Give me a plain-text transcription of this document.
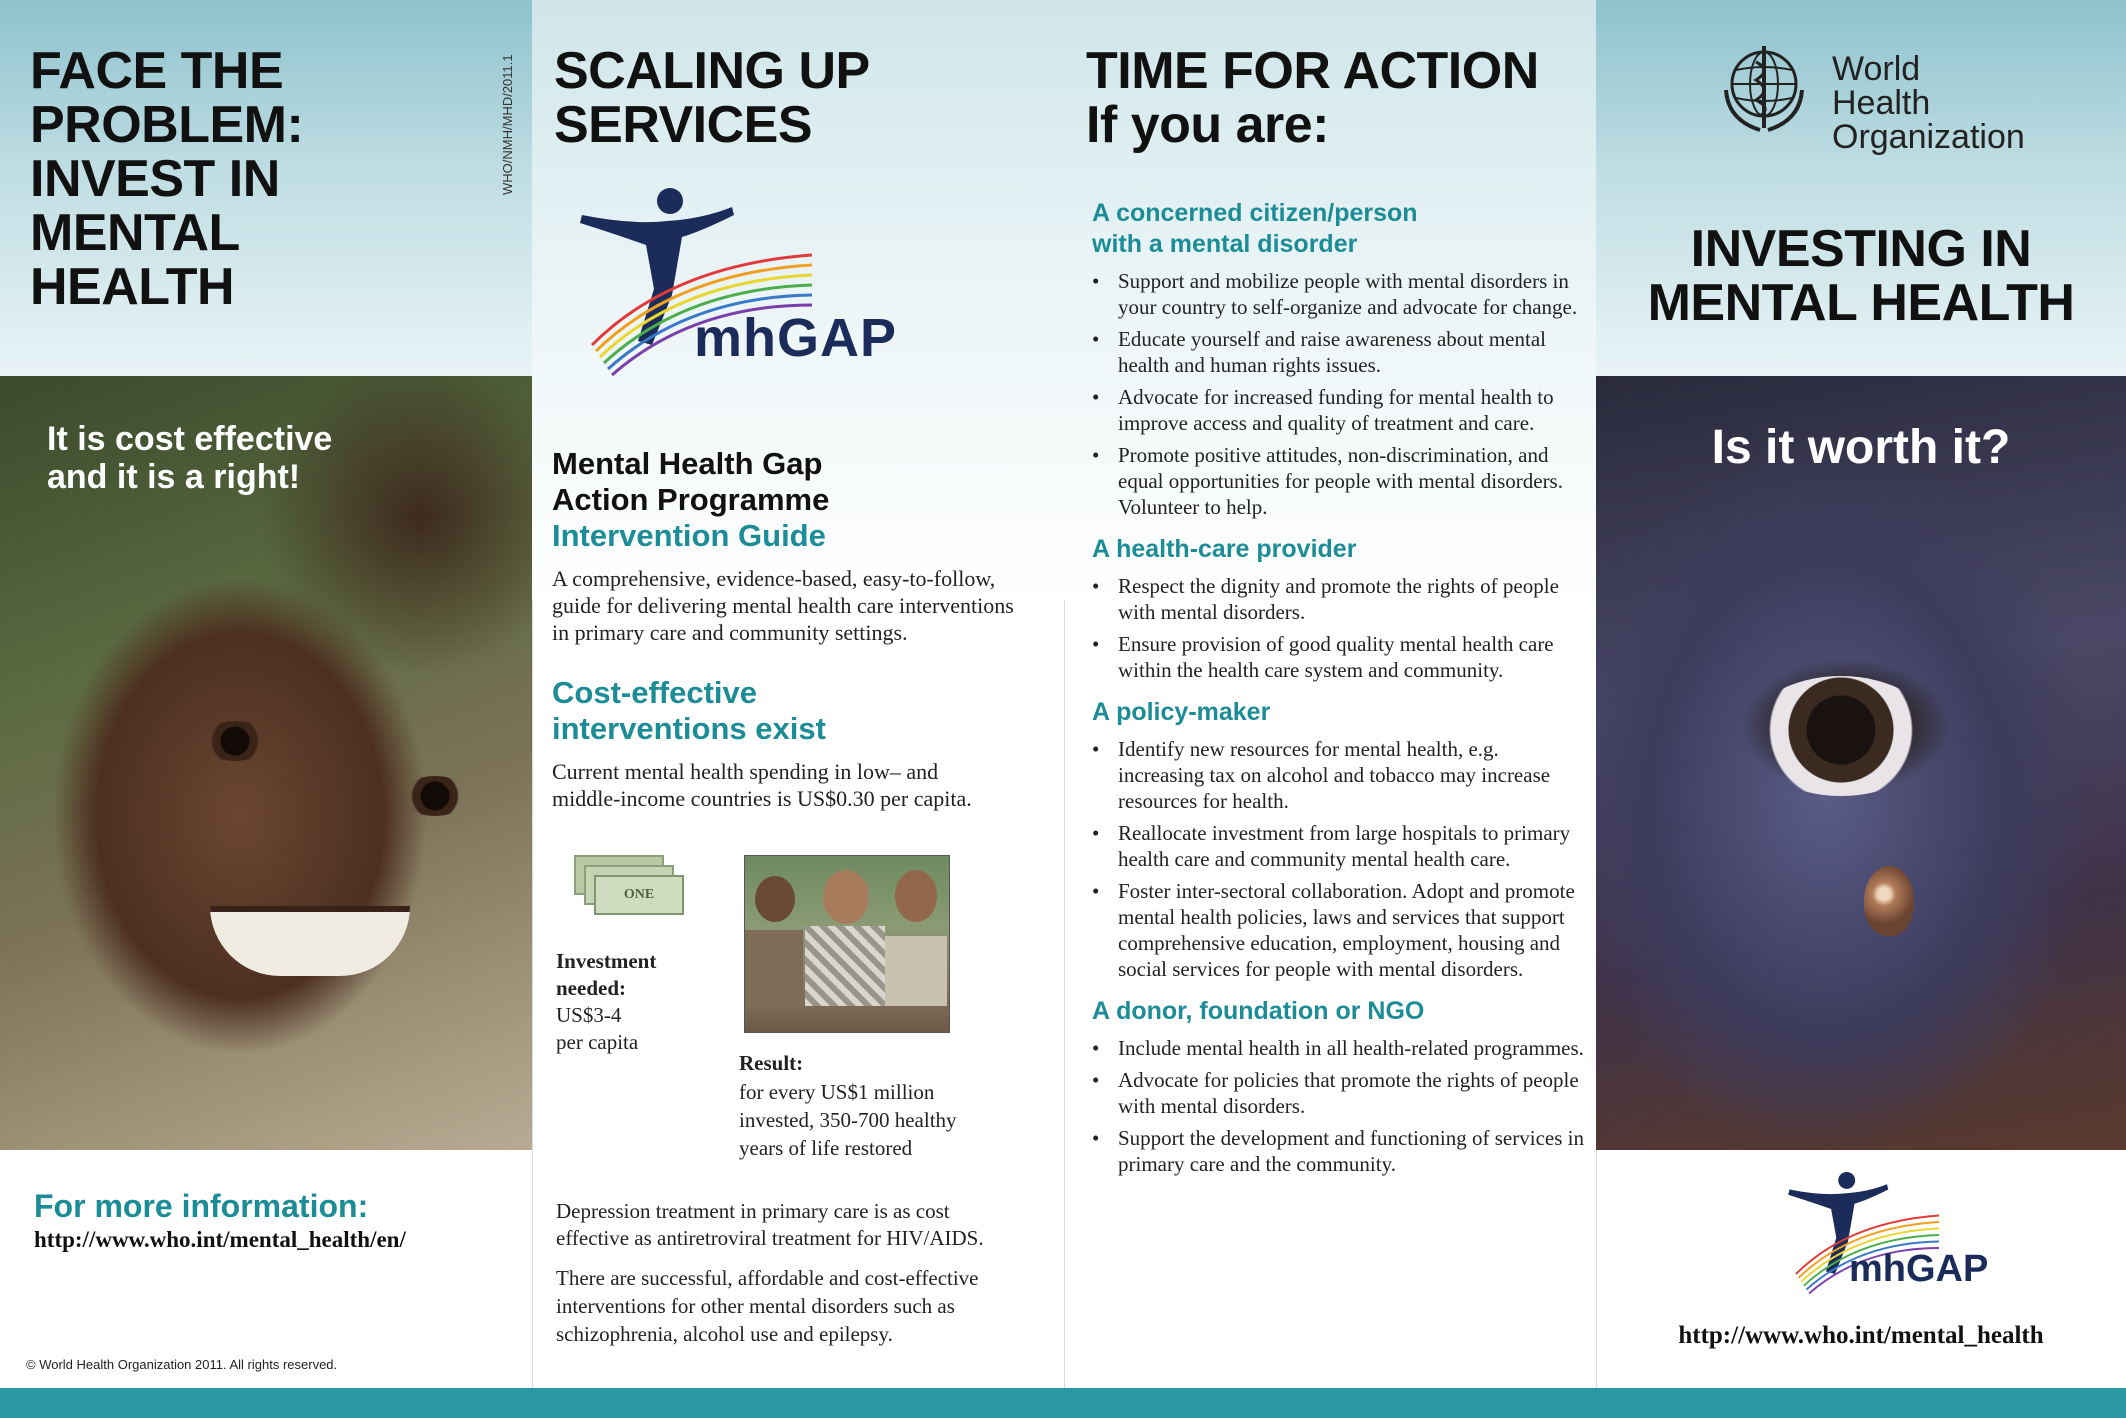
FACE THE
PROBLEM:
INVEST IN
MENTAL
HEALTH
WHO/NMH/MHD/2011.1
It is cost effective
and it is a right!
For more information:
http://www.who.int/mental_health/en/
© World Health Organization 2011. All rights reserved.
SCALING UP
SERVICES
mhGAP
Mental Health Gap
Action Programme
Intervention Guide
A comprehensive, evidence-based, easy-to-follow,
guide for delivering mental health care interventions
in primary care and community settings.
Cost-effective
interventions exist
Current mental health spending in low– and
middle-income countries is US$0.30 per capita.
ONE
Investment
needed:
US$3-4
per capita
Result:
for every US$1 million
invested, 350-700 healthy
years of life restored
Depression treatment in primary care is as cost
effective as antiretroviral treatment for HIV/AIDS.
There are successful, affordable and cost-effective
interventions for other mental disorders such as
schizophrenia, alcohol use and epilepsy.
TIME FOR ACTION
If you are:
A concerned citizen/person
with a mental disorder
• Support and mobilize people with mental disorders in your country to self-organize and advocate for change.
• Educate yourself and raise awareness about mental health and human rights issues.
• Advocate for increased funding for mental health to improve access and quality of treatment and care.
• Promote positive attitudes, non-discrimination, and equal opportunities for people with mental disorders. Volunteer to help.
A health-care provider
• Respect the dignity and promote the rights of people with mental disorders.
• Ensure provision of good quality mental health care within the health care system and community.
A policy-maker
• Identify new resources for mental health, e.g. increasing tax on alcohol and tobacco may increase resources for health.
• Reallocate investment from large hospitals to primary health care and community mental health care.
• Foster inter-sectoral collaboration. Adopt and promote mental health policies, laws and services that support comprehensive education, employment, housing and social services for people with mental disorders.
A donor, foundation or NGO
• Include mental health in all health-related programmes.
• Advocate for policies that promote the rights of people with mental disorders.
• Support the development and functioning of services in primary care and the community.
World Health
Organization
INVESTING IN
MENTAL HEALTH
Is it worth it?
mhGAP
http://www.who.int/mental_health
